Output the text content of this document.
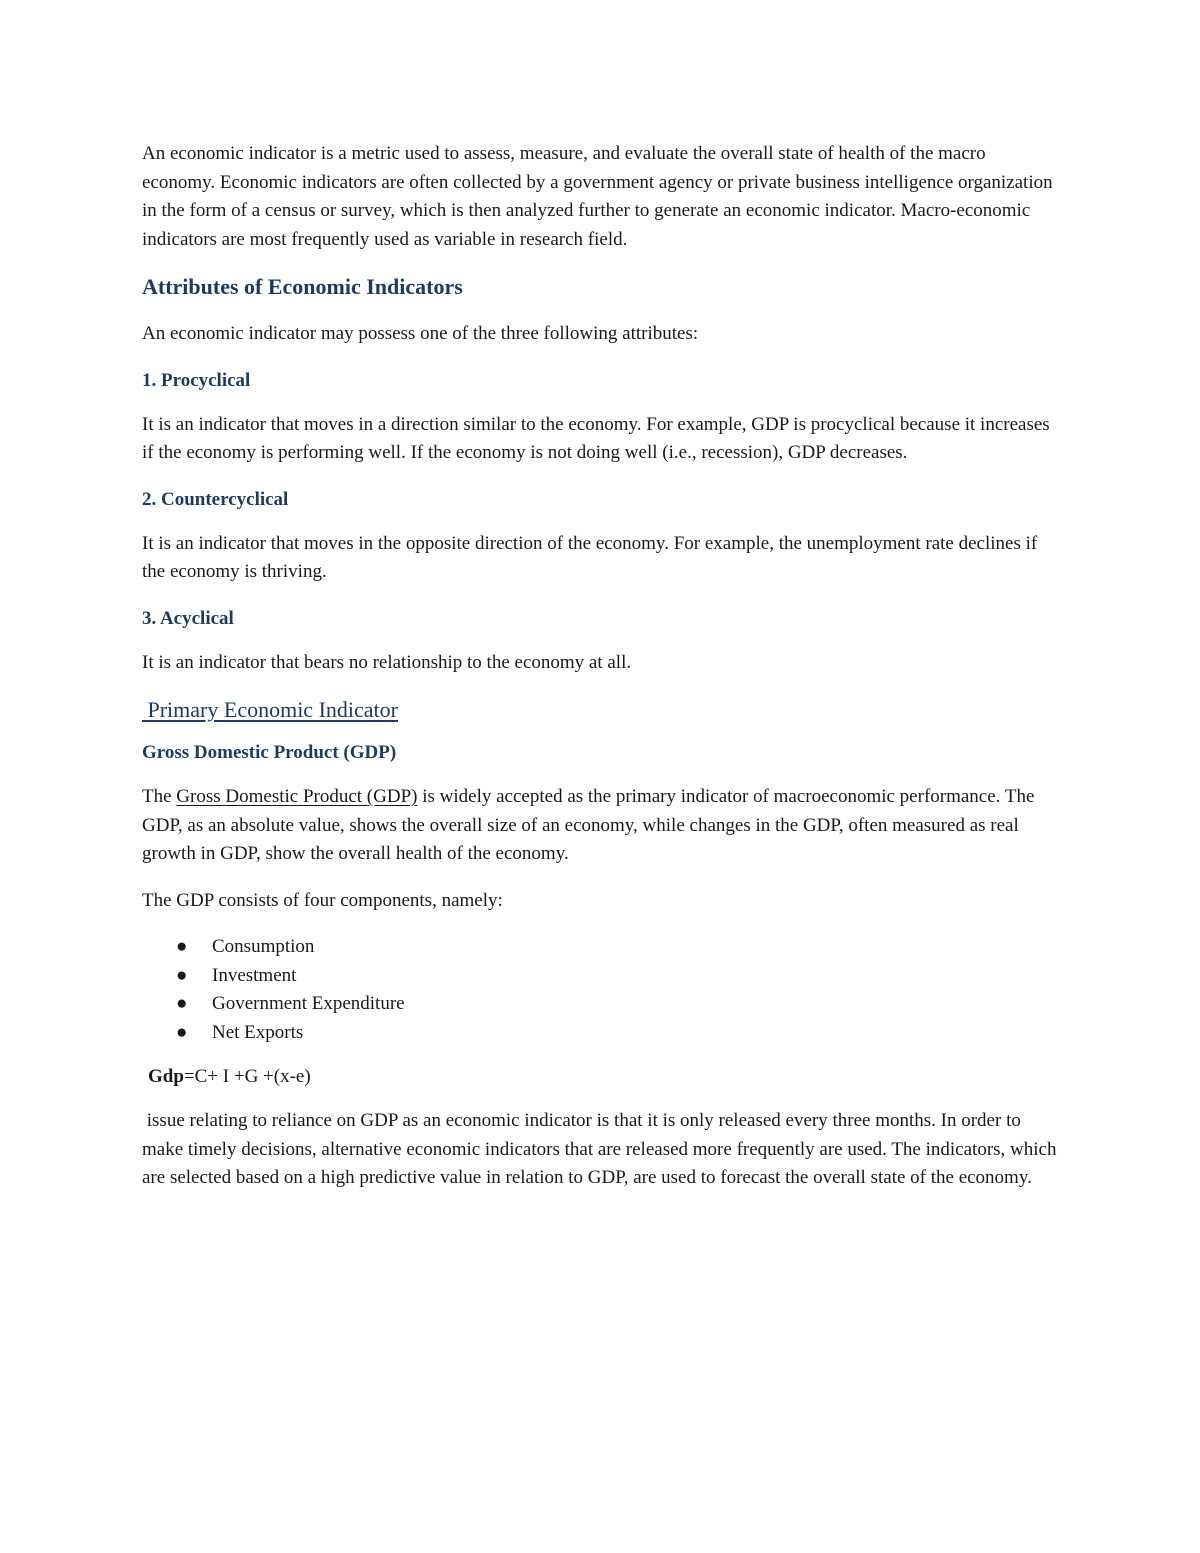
An economic indicator is a metric used to assess, measure, and evaluate the overall state of health of the macro economy. Economic indicators are often collected by a government agency or private business intelligence organization in the form of a census or survey, which is then analyzed further to generate an economic indicator. Macro-economic indicators are most frequently used as variable in research field.

Attributes of Economic Indicators

An economic indicator may possess one of the three following attributes:

1. Procyclical

It is an indicator that moves in a direction similar to the economy. For example, GDP is procyclical because it increases if the economy is performing well. If the economy is not doing well (i.e., recession), GDP decreases.

2. Countercyclical

It is an indicator that moves in the opposite direction of the economy. For example, the unemployment rate declines if the economy is thriving.

3. Acyclical

It is an indicator that bears no relationship to the economy at all.

Primary Economic Indicator
Gross Domestic Product (GDP)

The Gross Domestic Product (GDP) is widely accepted as the primary indicator of macroeconomic performance. The GDP, as an absolute value, shows the overall size of an economy, while changes in the GDP, often measured as real growth in GDP, show the overall health of the economy.

The GDP consists of four components, namely:

● Consumption
● Investment
● Government Expenditure
● Net Exports

Gdp=C+ I +G +(x-e)

issue relating to reliance on GDP as an economic indicator is that it is only released every three months. In order to make timely decisions, alternative economic indicators that are released more frequently are used. The indicators, which are selected based on a high predictive value in relation to GDP, are used to forecast the overall state of the economy.
